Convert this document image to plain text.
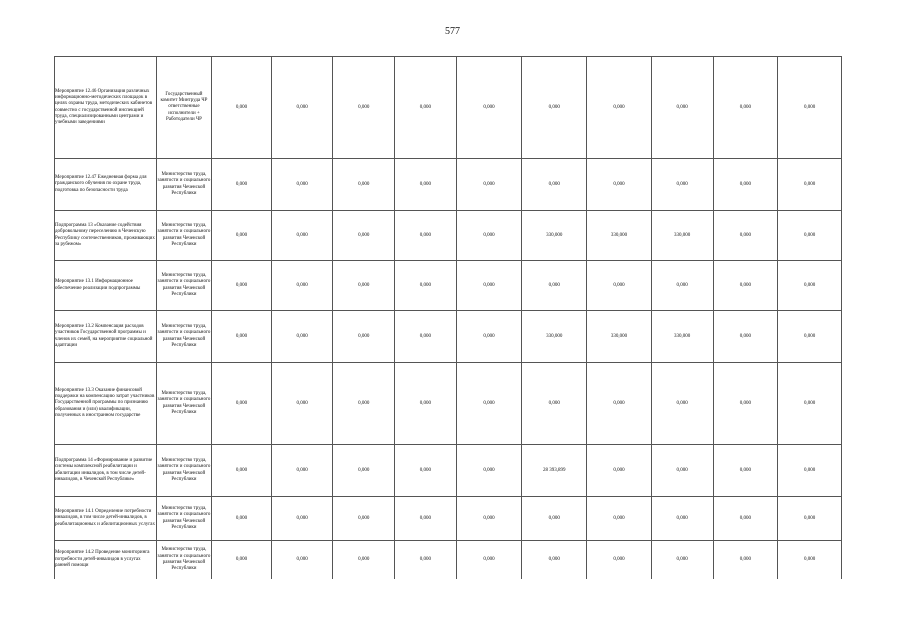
577
Мероприятие 12.46 Организация различных информационно-методических площадок в целях охраны труда, методических кабинетов совместно с государственной инспекцией труда, специализированными центрами и учебными заведениями	Государственный комитет Минтруда ЧР ответственные исполнители + Работодатели ЧР	0,000	0,000	0,000	0,000	0,000	0,000	0,000	0,000	0,000	0,000
Мероприятие 12.47 Ежедневная форма для гражданского обучения по охране труда, подготовка по безопасности труда	Министерство труда, занятости и социального развития Чеченской Республики	0,000	0,000	0,000	0,000	0,000	0,000	0,000	0,000	0,000	0,000
Подпрограмма 13 «Оказание содействия добровольному переселению в Чеченскую Республику соотечественников, проживающих за рубежом»	Министерство труда, занятости и социального развития Чеченской Республики	0,000	0,000	0,000	0,000	0,000	330,000	330,000	330,000	0,000	0,000
Мероприятие 13.1 Информационное обеспечение реализации подпрограммы	Министерство труда, занятости и социального развития Чеченской Республики	0,000	0,000	0,000	0,000	0,000	0,000	0,000	0,000	0,000	0,000
Мероприятие 13.2 Компенсация расходов участников Государственной программы и членов их семей, на мероприятие социальной адаптации	Министерство труда, занятости и социального развития Чеченской Республики	0,000	0,000	0,000	0,000	0,000	330,000	330,000	330,000	0,000	0,000
Мероприятие 13.3 Оказание финансовой поддержки на компенсацию затрат участников Государственной программы по признанию образования и (или) квалификации, полученных в иностранном государстве	Министерство труда, занятости и социального развития Чеченской Республики	0,000	0,000	0,000	0,000	0,000	0,000	0,000	0,000	0,000	0,000
Подпрограмма 14 «Формирование и развитие системы комплексной реабилитации и абилитации инвалидов, в том числе детей-инвалидов, в Чеченской Республике»	Министерство труда, занятости и социального развития Чеченской Республики	0,000	0,000	0,000	0,000	0,000	28 393,899	0,000	0,000	0,000	0,000
Мероприятие 14.1 Определение потребности инвалидов, в том числе детей-инвалидов, в реабилитационных и абилитационных услугах	Министерство труда, занятости и социального развития Чеченской Республики	0,000	0,000	0,000	0,000	0,000	0,000	0,000	0,000	0,000	0,000
Мероприятие 14.2 Проведение мониторинга потребности детей-инвалидов в услугах ранней помощи	Министерство труда, занятости и социального развития Чеченской Республики	0,000	0,000	0,000	0,000	0,000	0,000	0,000	0,000	0,000	0,000
